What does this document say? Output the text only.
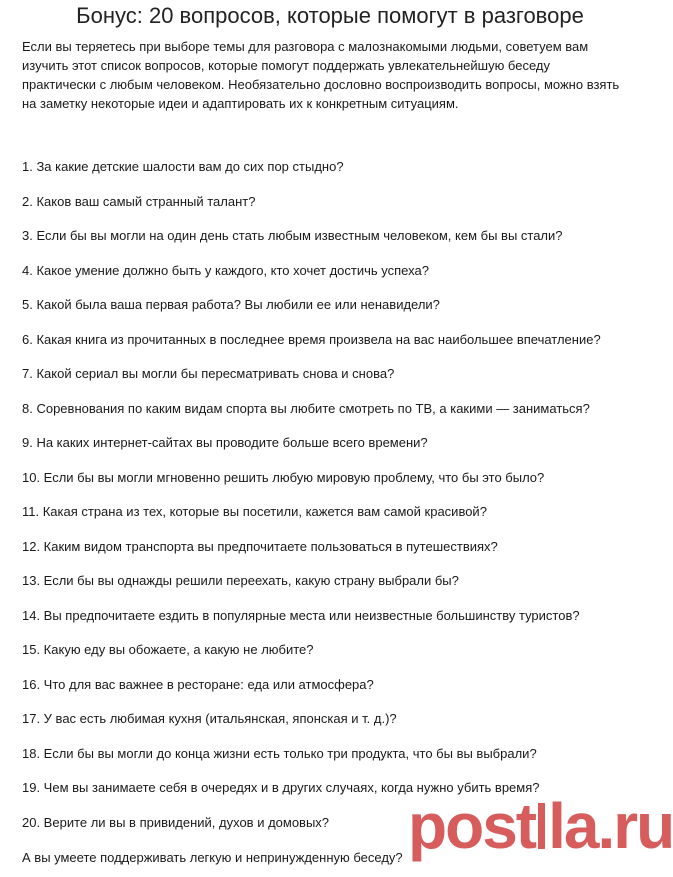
Бонус: 20 вопросов, которые помогут в разговоре
Если вы теряетесь при выборе темы для разговора с малознакомыми людьми, советуем вам изучить этот список вопросов, которые помогут поддержать увлекательнейшую беседу практически с любым человеком. Необязательно дословно воспроизводить вопросы, можно взять на заметку некоторые идеи и адаптировать их к конкретным ситуациям.
1. За какие детские шалости вам до сих пор стыдно?
2. Каков ваш самый странный талант?
3. Если бы вы могли на один день стать любым известным человеком, кем бы вы стали?
4. Какое умение должно быть у каждого, кто хочет достичь успеха?
5. Какой была ваша первая работа? Вы любили ее или ненавидели?
6. Какая книга из прочитанных в последнее время произвела на вас наибольшее впечатление?
7. Какой сериал вы могли бы пересматривать снова и снова?
8. Соревнования по каким видам спорта вы любите смотреть по ТВ, а какими — заниматься?
9. На каких интернет-сайтах вы проводите больше всего времени?
10. Если бы вы могли мгновенно решить любую мировую проблему, что бы это было?
11. Какая страна из тех, которые вы посетили, кажется вам самой красивой?
12. Каким видом транспорта вы предпочитаете пользоваться в путешествиях?
13. Если бы вы однажды решили переехать, какую страну выбрали бы?
14. Вы предпочитаете ездить в популярные места или неизвестные большинству туристов?
15. Какую еду вы обожаете, а какую не любите?
16. Что для вас важнее в ресторане: еда или атмосфера?
17. У вас есть любимая кухня (итальянская, японская и т. д.)?
18. Если бы вы могли до конца жизни есть только три продукта, что бы вы выбрали?
19. Чем вы занимаете себя в очередях и в других случаях, когда нужно убить время?
20. Верите ли вы в привидений, духов и домовых?	post la.ru
А вы умеете поддерживать легкую и непринужденную беседу?
